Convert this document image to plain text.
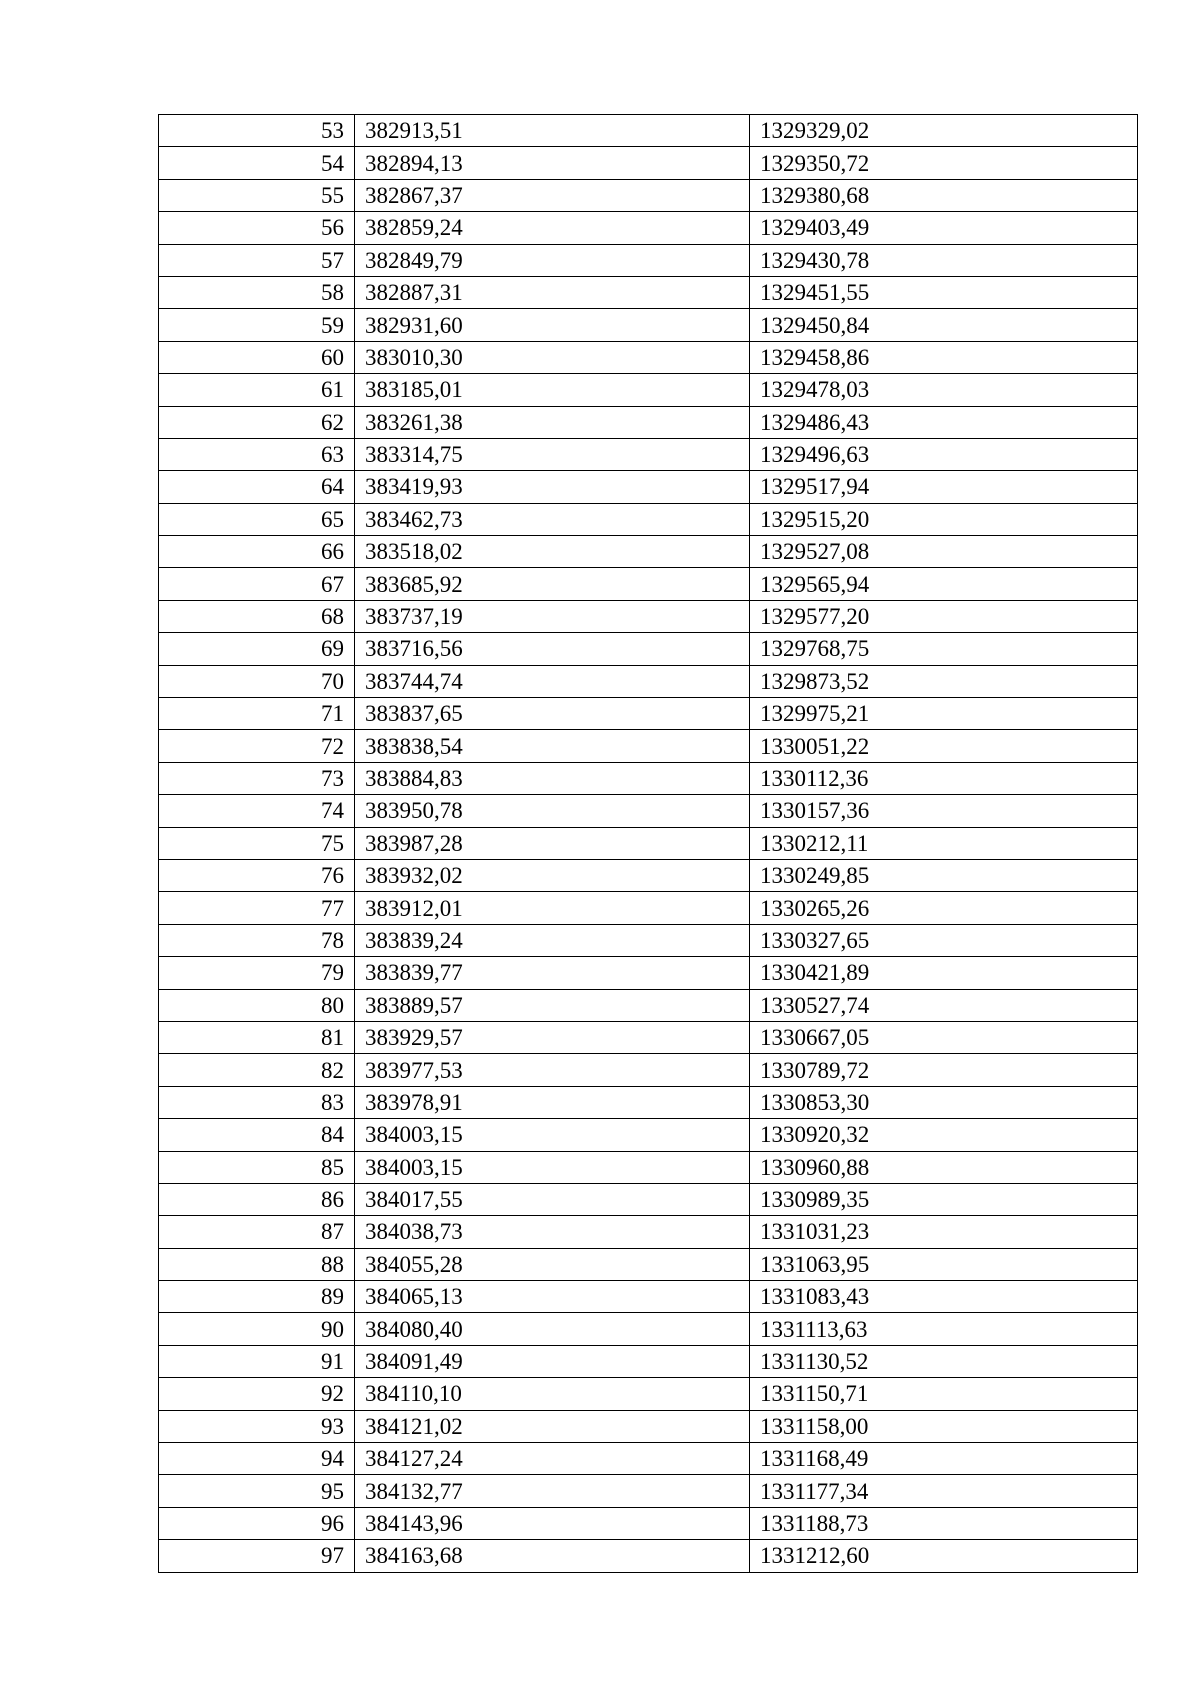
53	382913,51	1329329,02
54	382894,13	1329350,72
55	382867,37	1329380,68
56	382859,24	1329403,49
57	382849,79	1329430,78
58	382887,31	1329451,55
59	382931,60	1329450,84
60	383010,30	1329458,86
61	383185,01	1329478,03
62	383261,38	1329486,43
63	383314,75	1329496,63
64	383419,93	1329517,94
65	383462,73	1329515,20
66	383518,02	1329527,08
67	383685,92	1329565,94
68	383737,19	1329577,20
69	383716,56	1329768,75
70	383744,74	1329873,52
71	383837,65	1329975,21
72	383838,54	1330051,22
73	383884,83	1330112,36
74	383950,78	1330157,36
75	383987,28	1330212,11
76	383932,02	1330249,85
77	383912,01	1330265,26
78	383839,24	1330327,65
79	383839,77	1330421,89
80	383889,57	1330527,74
81	383929,57	1330667,05
82	383977,53	1330789,72
83	383978,91	1330853,30
84	384003,15	1330920,32
85	384003,15	1330960,88
86	384017,55	1330989,35
87	384038,73	1331031,23
88	384055,28	1331063,95
89	384065,13	1331083,43
90	384080,40	1331113,63
91	384091,49	1331130,52
92	384110,10	1331150,71
93	384121,02	1331158,00
94	384127,24	1331168,49
95	384132,77	1331177,34
96	384143,96	1331188,73
97	384163,68	1331212,60
